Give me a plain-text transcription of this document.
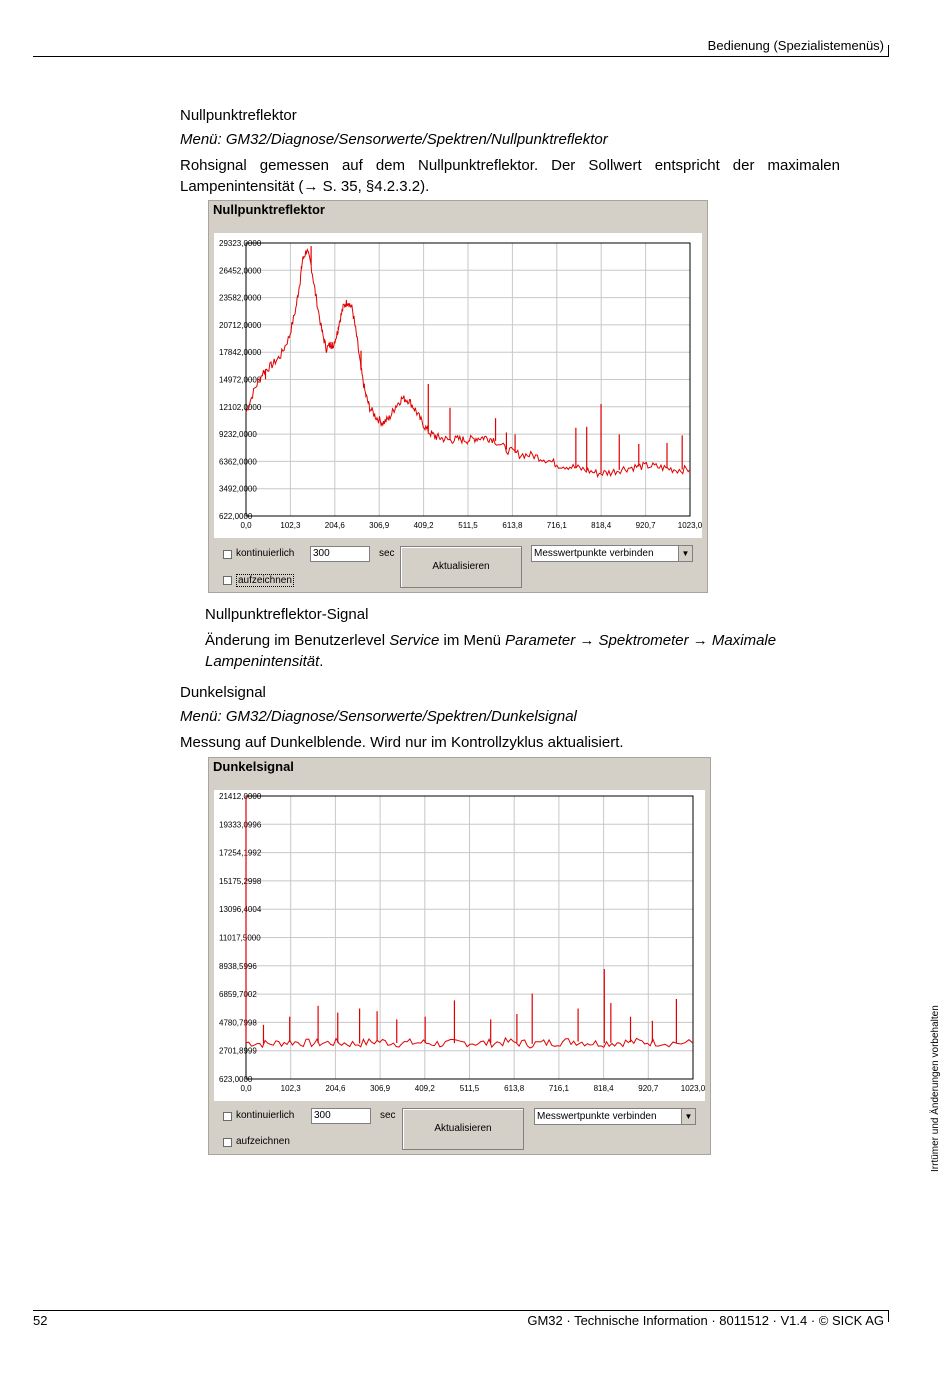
Bedienung (Spezialistemenüs)
Nullpunktreflektor
Menü: GM32/Diagnose/Sensorwerte/Spektren/Nullpunktreflektor
Rohsignal gemessen auf dem Nullpunktreflektor. Der Sollwert entspricht der maximalen Lampenintensität (→ S. 35, §4.2.3.2).
Nullpunktreflektor
0,0	102,3	204,6	306,9	409,2	511,5	613,8	716,1	818,4	920,7	1023,0
29323,0000
26452,0000
23582,0000
20712,0000
17842,0000
14972,0000
12102,0000
9232,0000
6362,0000
3492,0000
622,0000
kontinuierlich	300	sec
Aktualisieren
Messwertpunkte verbinden	▼
aufzeichnen
Nullpunktreflektor-Signal
Änderung im Benutzerlevel Service im Menü Parameter → Spektrometer → Maximale Lampenintensität.
Dunkelsignal
Menü: GM32/Diagnose/Sensorwerte/Spektren/Dunkelsignal
Messung auf Dunkelblende. Wird nur im Kontrollzyklus aktualisiert.
Dunkelsignal
0,0	102,3	204,6	306,9	409,2	511,5	613,8	716,1	818,4	920,7	1023,0
21412,0000
19333,0996
17254,1992
15175,2998
13096,4004
11017,5000
8938,5996
6859,7002
4780,7998
2701,8999
623,0000
kontinuierlich	300	sec
Aktualisieren
Messwertpunkte verbinden	▼
aufzeichnen	Irrtümer und Änderungen vorbehalten
52	GM32 · Technische Information · 8011512 · V1.4 · © SICK AG
